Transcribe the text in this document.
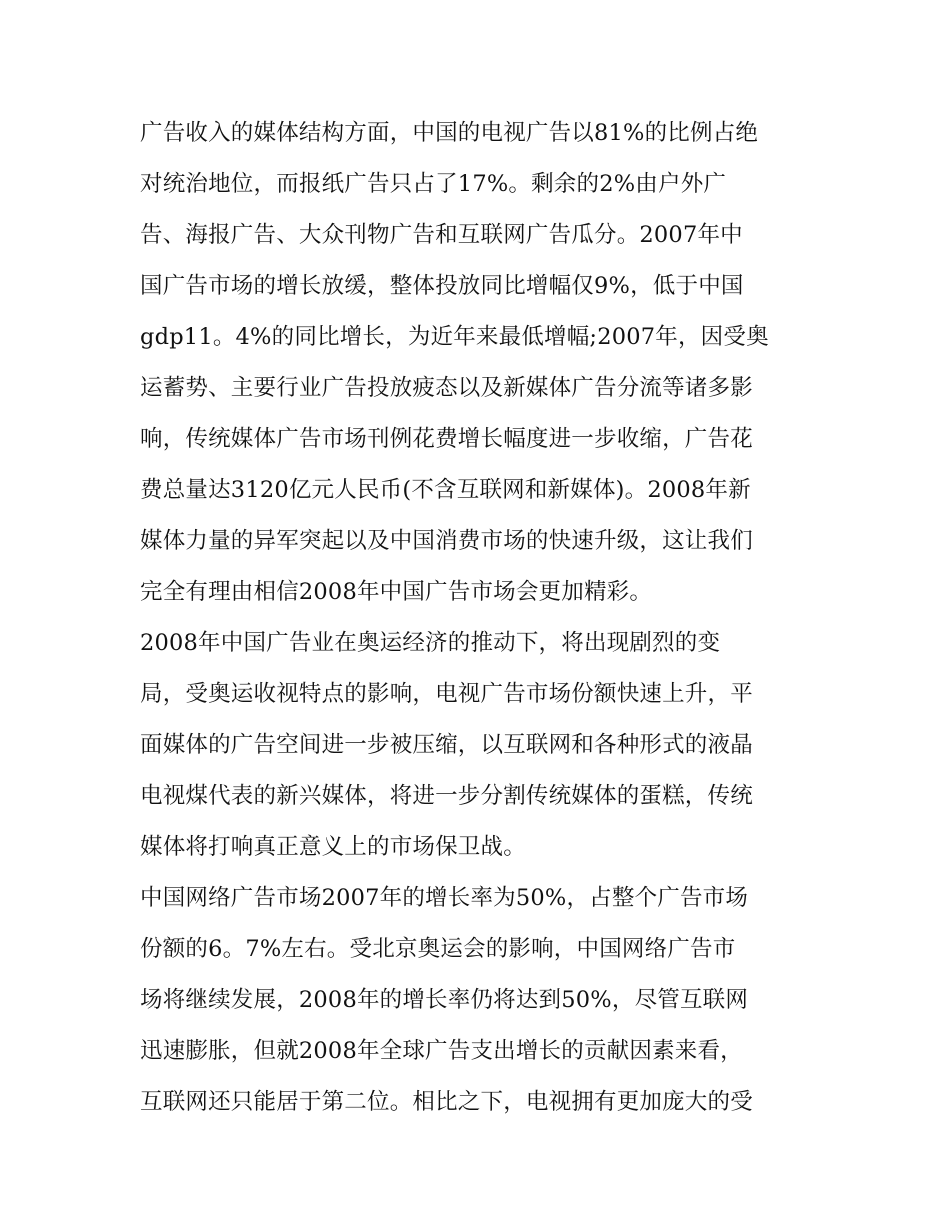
广告收入的媒体结构方面，中国的电视广告以81%的比例占绝
对统治地位，而报纸广告只占了17%。剩余的2%由户外广
告、海报广告、大众刊物广告和互联网广告瓜分。2007年中
国广告市场的增长放缓，整体投放同比增幅仅9%，低于中国
gdp11。4%的同比增长，为近年来最低增幅;2007年，因受奥
运蓄势、主要行业广告投放疲态以及新媒体广告分流等诸多影
响，传统媒体广告市场刊例花费增长幅度进一步收缩，广告花
费总量达3120亿元人民币(不含互联网和新媒体)。2008年新
媒体力量的异军突起以及中国消费市场的快速升级，这让我们
完全有理由相信2008年中国广告市场会更加精彩。
2008年中国广告业在奥运经济的推动下，将出现剧烈的变
局，受奥运收视特点的影响，电视广告市场份额快速上升，平
面媒体的广告空间进一步被压缩，以互联网和各种形式的液晶
电视煤代表的新兴媒体，将进一步分割传统媒体的蛋糕，传统
媒体将打响真正意义上的市场保卫战。
中国网络广告市场2007年的增长率为50%，占整个广告市场
份额的6。7%左右。受北京奥运会的影响，中国网络广告市
场将继续发展，2008年的增长率仍将达到50%，尽管互联网
迅速膨胀，但就2008年全球广告支出增长的贡献因素来看，
互联网还只能居于第二位。相比之下，电视拥有更加庞大的受
